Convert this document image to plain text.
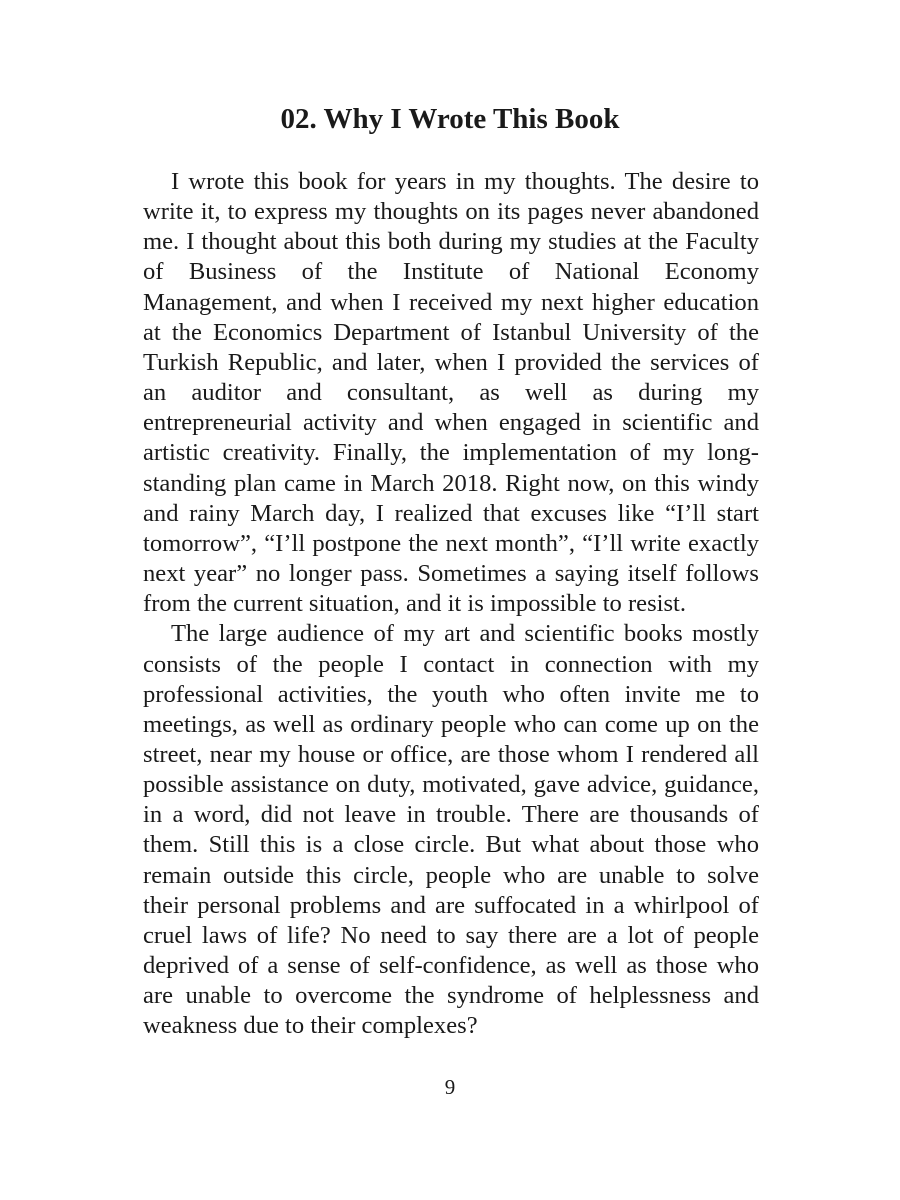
02. Why I Wrote This Book

I wrote this book for years in my thoughts. The desire to write it, to express my thoughts on its pages never abandoned me. I thought about this both during my studies at the Faculty of Business of the Institute of National Economy Management, and when I received my next higher education at the Economics Department of Istanbul University of the Turkish Republic, and later, when I provided the services of an auditor and consultant, as well as during my entrepreneurial activity and when engaged in scientific and artistic creativity. Finally, the implementation of my long-standing plan came in March 2018. Right now, on this windy and rainy March day, I realized that excuses like “I’ll start tomorrow”, “I’ll postpone the next month”, “I’ll write exactly next year” no longer pass. Sometimes a saying itself follows from the current situation, and it is impossible to resist.

The large audience of my art and scientific books mostly consists of the people I contact in connection with my professional activities, the youth who often invite me to meetings, as well as ordinary people who can come up on the street, near my house or office, are those whom I rendered all possible assistance on duty, motivated, gave advice, guidance, in a word, did not leave in trouble. There are thousands of them. Still this is a close circle. But what about those who remain outside this circle, people who are unable to solve their personal problems and are suffocated in a whirlpool of cruel laws of life? No need to say there are a lot of people deprived of a sense of self-confidence, as well as those who are unable to overcome the syndrome of helplessness and weakness due to their complexes?

9
